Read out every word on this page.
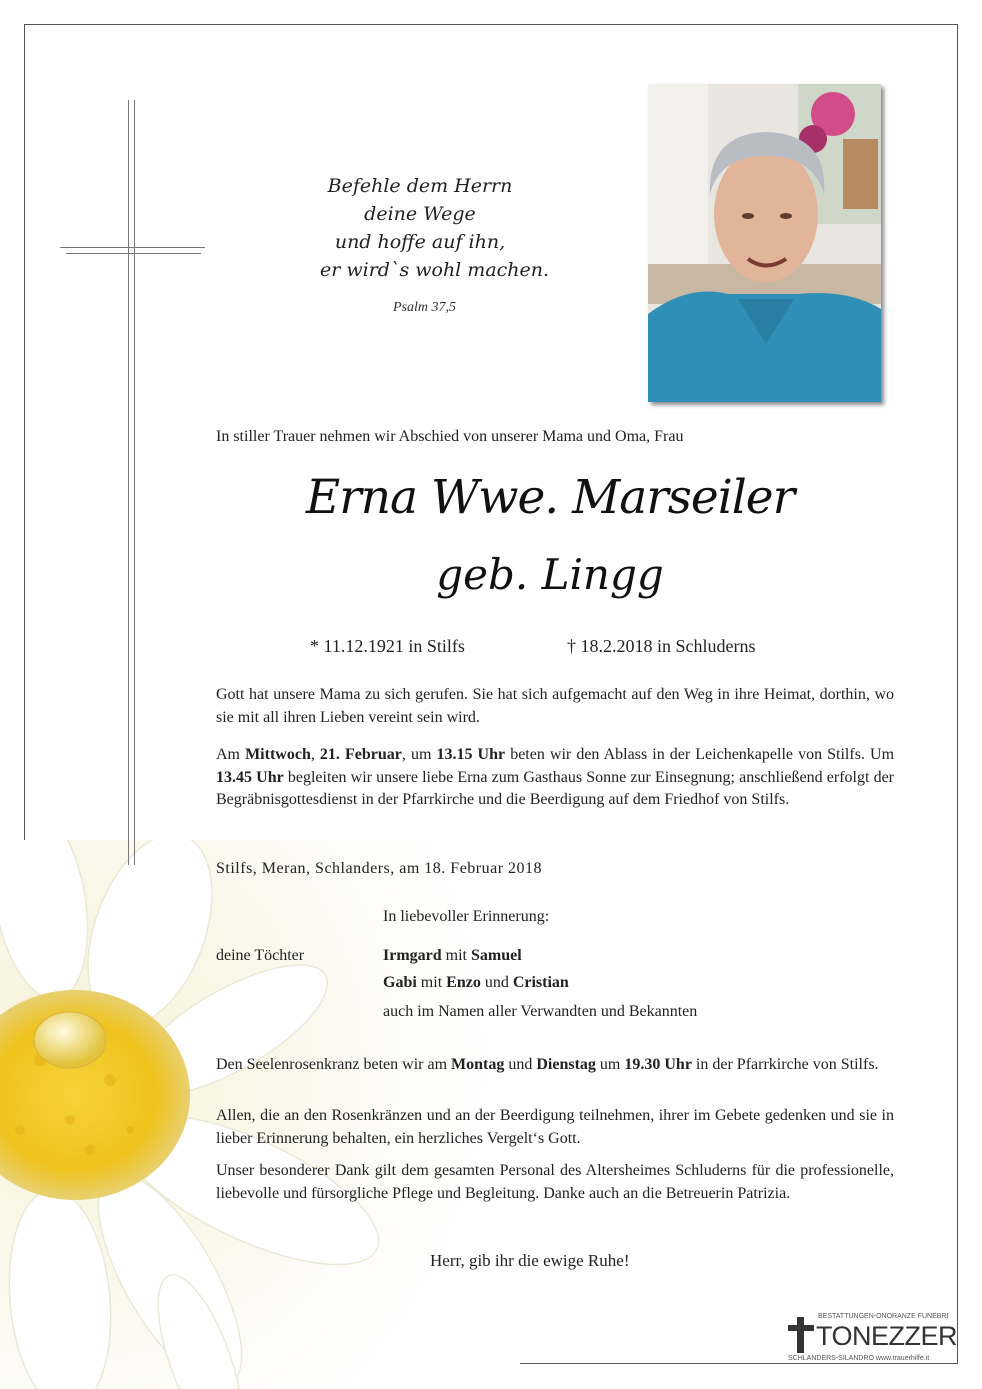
Befehle dem Herrn
deine Wege
und hoffe auf ihn,
er wird`s wohl machen.
Psalm 37,5
In stiller Trauer nehmen wir Abschied von unserer Mama und Oma, Frau
Erna Wwe. Marseiler
geb. Lingg
* 11.12.1921 in Stilfs	† 18.2.2018 in Schluderns
Gott hat unsere Mama zu sich gerufen. Sie hat sich aufgemacht auf den Weg in ihre Heimat, dorthin, wo sie mit all ihren Lieben vereint sein wird.
Am Mittwoch, 21. Februar, um 13.15 Uhr beten wir den Ablass in der Leichenkapelle von Stilfs. Um 13.45 Uhr begleiten wir unsere liebe Erna zum Gasthaus Sonne zur Einsegnung; anschließend erfolgt der Begräbnisgottesdienst in der Pfarrkirche und die Beerdigung auf dem Friedhof von Stilfs.
Stilfs, Meran, Schlanders, am 18. Februar 2018
In liebevoller Erinnerung:
deine Töchter	Irmgard mit Samuel
Gabi mit Enzo und Cristian
auch im Namen aller Verwandten und Bekannten
Den Seelenrosenkranz beten wir am Montag und Dienstag um 19.30 Uhr in der Pfarrkirche von Stilfs.
Allen, die an den Rosenkränzen und an der Beerdigung teilnehmen, ihrer im Gebete gedenken und sie in lieber Erinnerung behalten, ein herzliches Vergelt‘s Gott.
Unser besonderer Dank gilt dem gesamten Personal des Altersheimes Schluderns für die professionelle, liebevolle und fürsorgliche Pflege und Begleitung. Danke auch an die Betreuerin Patrizia.
Herr, gib ihr die ewige Ruhe!
BESTATTUNGEN-ONORANZE FUNEBRI
TONEZZER
SCHLANDERS-SILANDRO www.trauerhilfe.it
